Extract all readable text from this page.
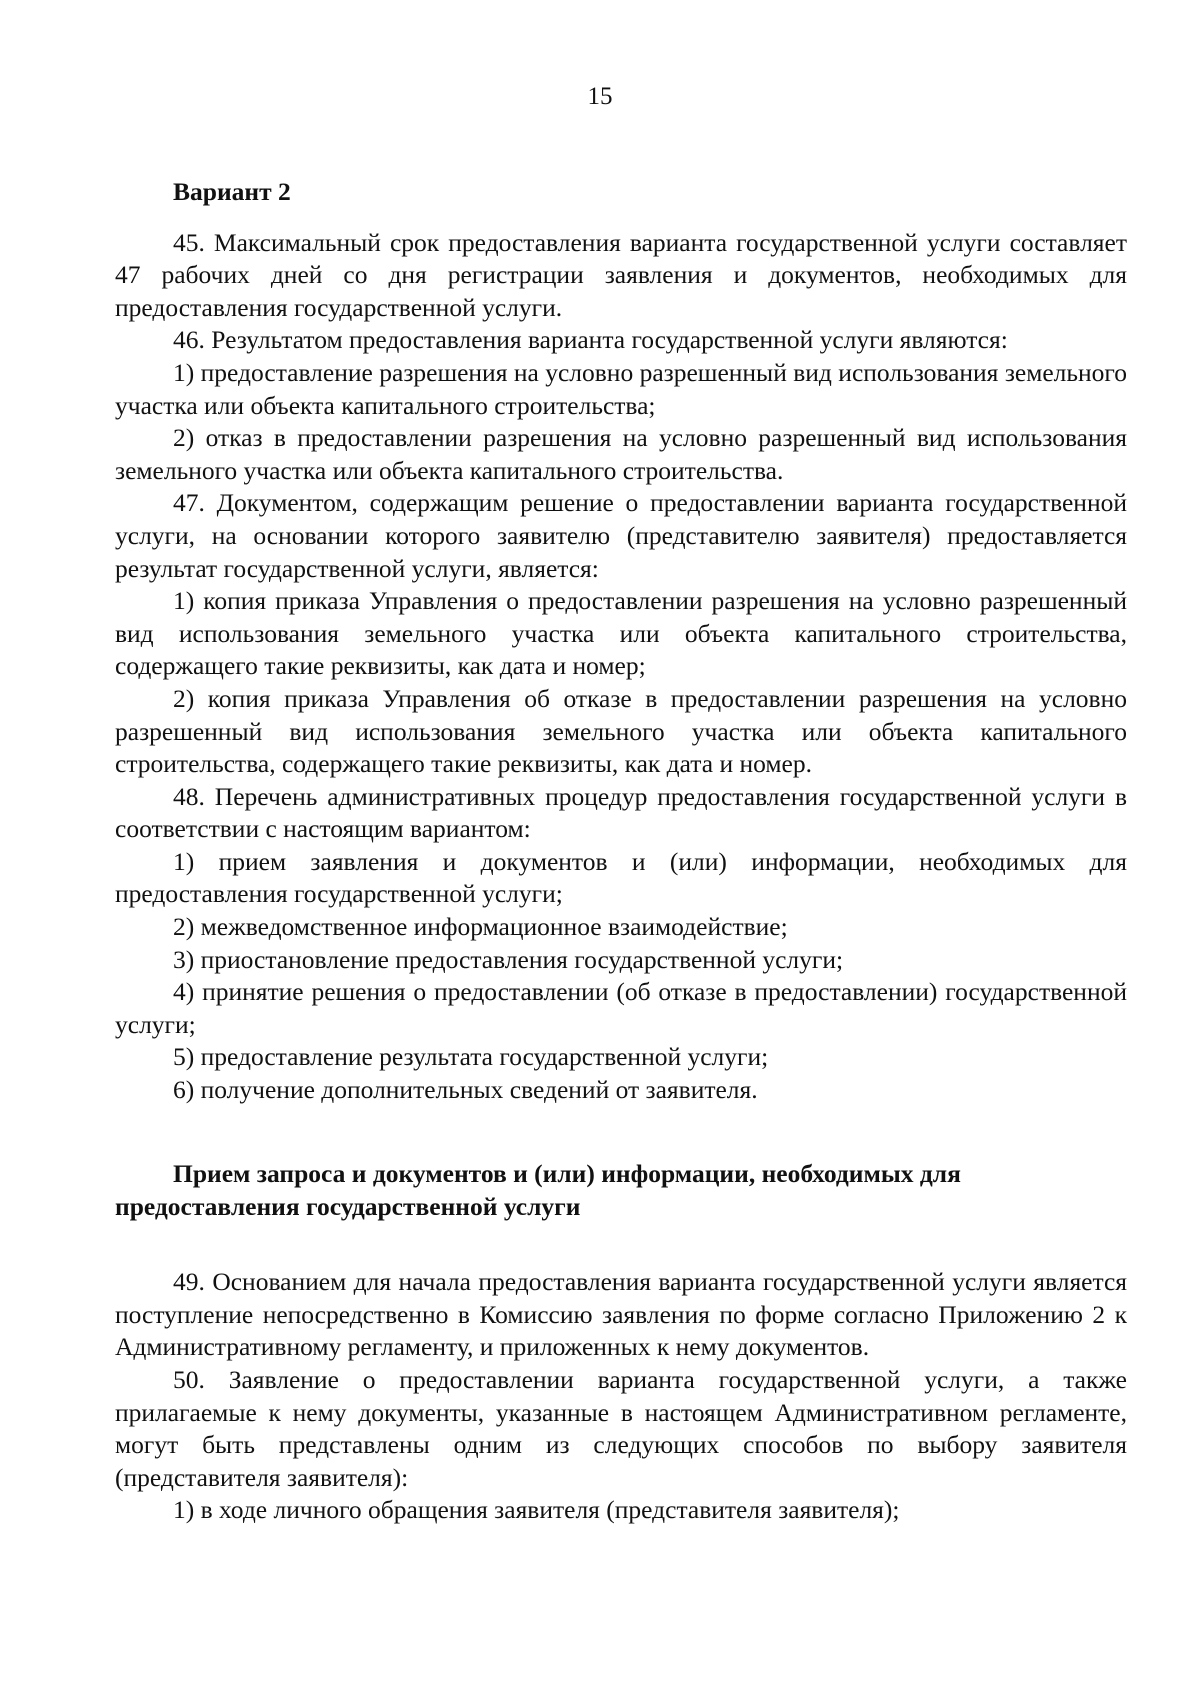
15

Вариант 2

45. Максимальный срок предоставления варианта государственной услуги составляет 47 рабочих дней со дня регистрации заявления и документов, необходимых для предоставления государственной услуги.

46. Результатом предоставления варианта государственной услуги являются:

1) предоставление разрешения на условно разрешенный вид использования земельного участка или объекта капитального строительства;

2) отказ в предоставлении разрешения на условно разрешенный вид использования земельного участка или объекта капитального строительства.

47. Документом, содержащим решение о предоставлении варианта государственной услуги, на основании которого заявителю (представителю заявителя) предоставляется результат государственной услуги, является:

1) копия приказа Управления о предоставлении разрешения на условно разрешенный вид использования земельного участка или объекта капитального строительства, содержащего такие реквизиты, как дата и номер;

2) копия приказа Управления об отказе в предоставлении разрешения на условно разрешенный вид использования земельного участка или объекта капитального строительства, содержащего такие реквизиты, как дата и номер.

48. Перечень административных процедур предоставления государственной услуги в соответствии с настоящим вариантом:

1) прием заявления и документов и (или) информации, необходимых для предоставления государственной услуги;

2) межведомственное информационное взаимодействие;

3) приостановление предоставления государственной услуги;

4) принятие решения о предоставлении (об отказе в предоставлении) государственной услуги;

5) предоставление результата государственной услуги;

6) получение дополнительных сведений от заявителя.

Прием запроса и документов и (или) информации, необходимых для
предоставления государственной услуги

49. Основанием для начала предоставления варианта государственной услуги является поступление непосредственно в Комиссию заявления по форме согласно Приложению 2 к Административному регламенту, и приложенных к нему документов.

50. Заявление о предоставлении варианта государственной услуги, а также прилагаемые к нему документы, указанные в настоящем Административном регламенте, могут быть представлены одним из следующих способов по выбору заявителя (представителя заявителя):

1) в ходе личного обращения заявителя (представителя заявителя);
